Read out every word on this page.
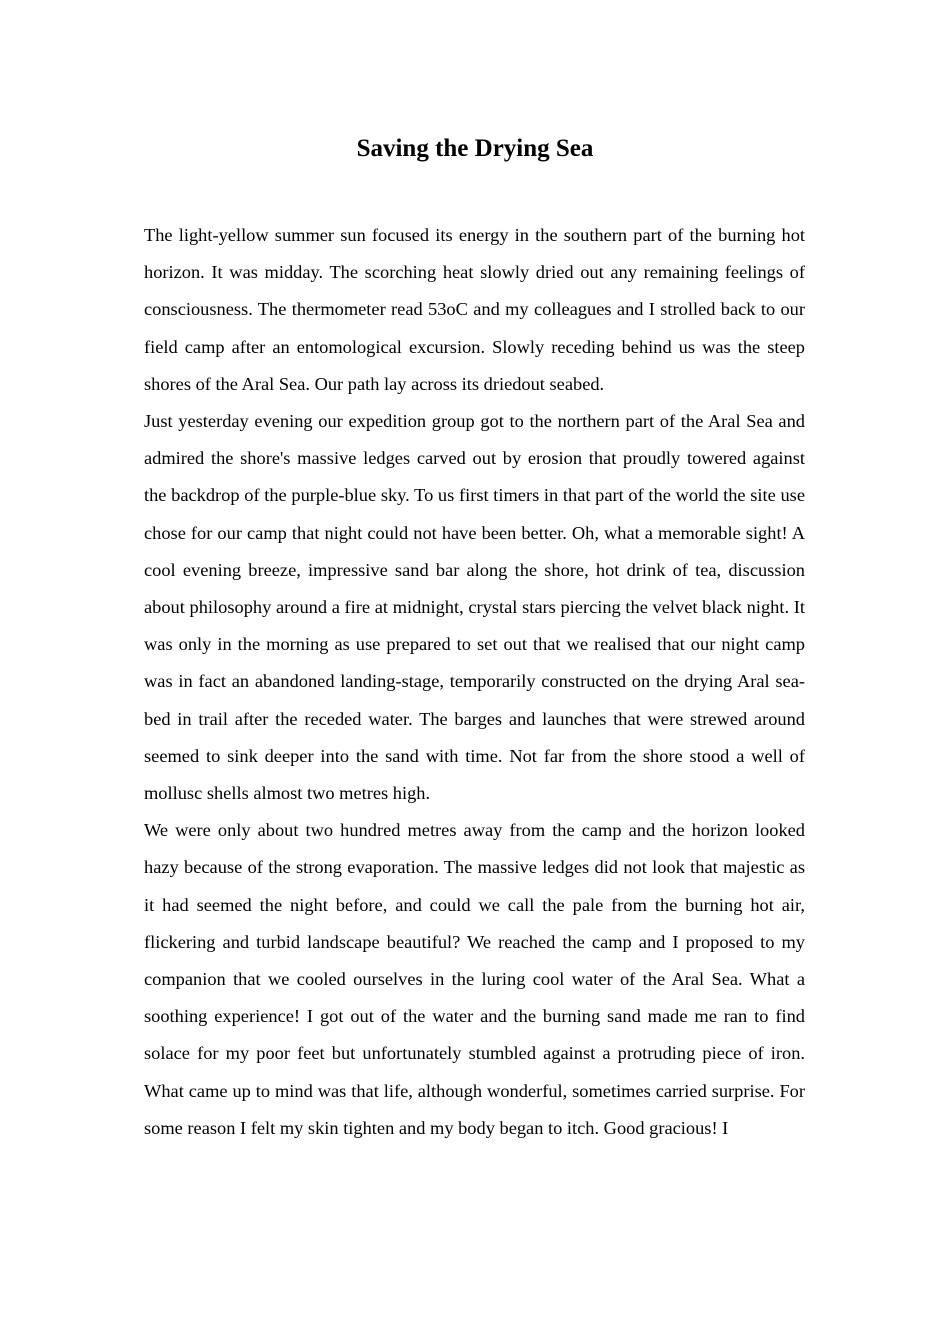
Saving the Drying Sea

The light-yellow summer sun focused its energy in the southern part of the burning hot horizon. It was midday. The scorching heat slowly dried out any remaining feelings of consciousness. The thermometer read 53oC and my colleagues and I strolled back to our field camp after an entomological excursion. Slowly receding behind us was the steep shores of the Aral Sea. Our path lay across its driedout seabed.

Just yesterday evening our expedition group got to the northern part of the Aral Sea and admired the shore's massive ledges carved out by erosion that proudly towered against the backdrop of the purple-blue sky. To us first timers in that part of the world the site use chose for our camp that night could not have been better. Oh, what a memorable sight! A cool evening breeze, impressive sand bar along the shore, hot drink of tea, discussion about philosophy around a fire at midnight, crystal stars piercing the velvet black night. It was only in the morning as use prepared to set out that we realised that our night camp was in fact an abandoned landing-stage, temporarily constructed on the drying Aral sea-bed in trail after the receded water. The barges and launches that were strewed around seemed to sink deeper into the sand with time. Not far from the shore stood a well of mollusc shells almost two metres high.

We were only about two hundred metres away from the camp and the horizon looked hazy because of the strong evaporation. The massive ledges did not look that majestic as it had seemed the night before, and could we call the pale from the burning hot air, flickering and turbid landscape beautiful? We reached the camp and I proposed to my companion that we cooled ourselves in the luring cool water of the Aral Sea. What a soothing experience! I got out of the water and the burning sand made me ran to find solace for my poor feet but unfortunately stumbled against a protruding piece of iron. What came up to mind was that life, although wonderful, sometimes carried surprise. For some reason I felt my skin tighten and my body began to itch. Good gracious! I
